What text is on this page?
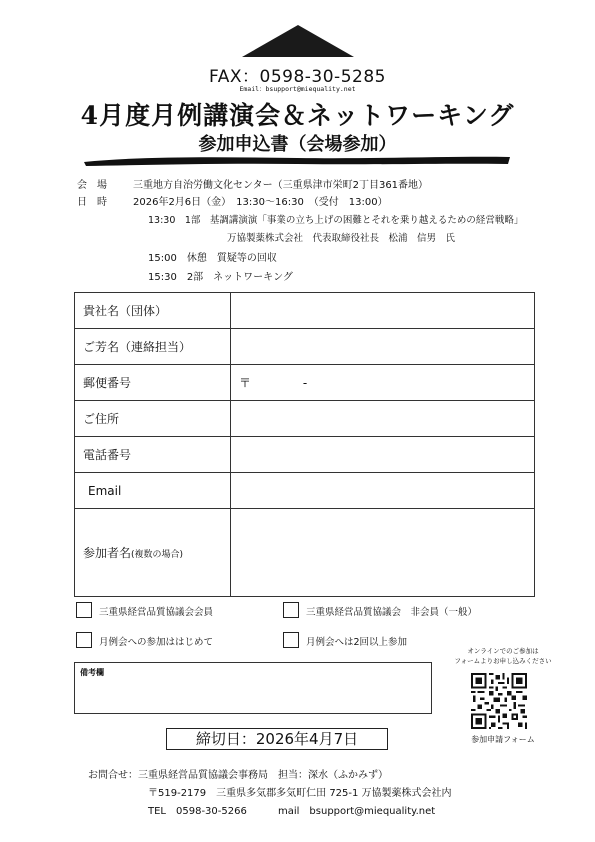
FAX：0598-30-5285
Email：bsupport@miequality.net
4月度月例講演会＆ネットワーキング
参加申込書（会場参加）
会　場	三重地方自治労働文化センター（三重県津市栄町2丁目361番地）
日　時	2026年2月6日（金）　13:30～16:30　（受付　13:00）
13:30　1部　基調講演演「事業の立ち上げの困難とそれを乗り越えるための経営戦略」
万協製薬株式会社　代表取締役社長　松浦　信男　氏
15:00　休憩　質疑等の回収
15:30　2部　ネットワーキング
貴社名（団体）	
ご芳名（連絡担当）	
郵便番号	〒　　　　 -
ご住所	
電話番号	
Email	
参加者名(複数の場合)	
三重県経営品質協議会会員	三重県経営品質協議会　非会員（一般）
月例会への参加ははじめて	月例会へは2回以上参加
備考欄
オンラインでのご参加は
フォームよりお申し込みください
参加申請フォーム
締切日：2026年4月7日
お問合せ：三重県経営品質協議会事務局　担当：深水（ふかみず）
〒519-2179　三重県多気郡多気町仁田 725-1 万協製薬株式会社内
TEL　0598-30-5266	mail　bsupport@miequality.net
